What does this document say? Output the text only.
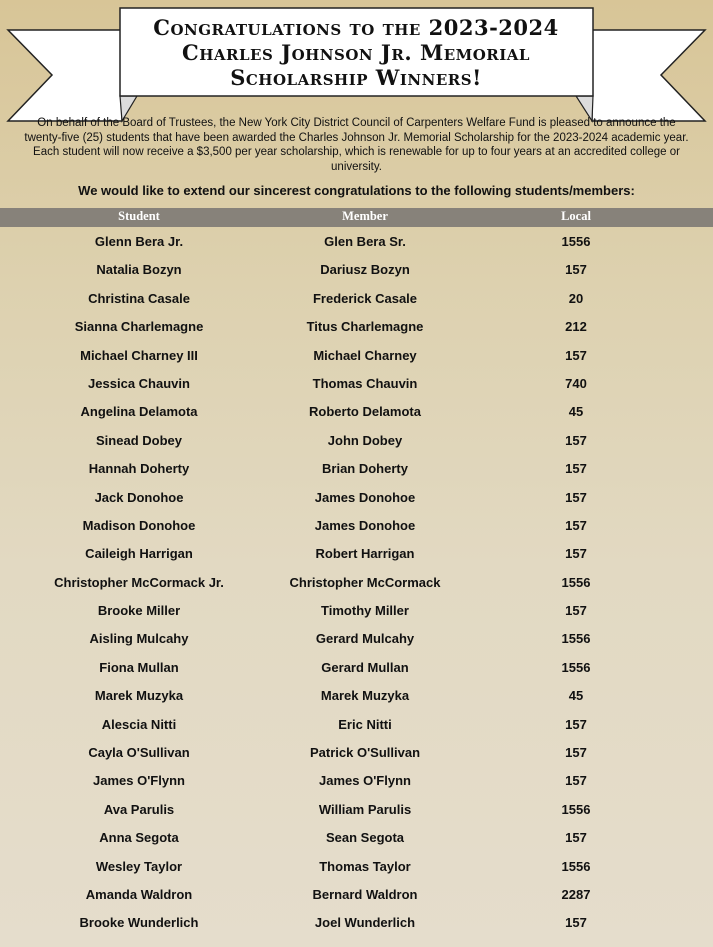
Congratulations to the 2023-2024
Charles Johnson Jr. Memorial
Scholarship Winners!
On behalf of the Board of Trustees, the New York City District Council of Carpenters Welfare Fund is pleased to announce the twenty-five (25) students that have been awarded the Charles Johnson Jr. Memorial Scholarship for the 2023-2024 academic year. Each student will now receive a $3,500 per year scholarship, which is renewable for up to four years at an accredited college or university.
We would like to extend our sincerest congratulations to the following students/members:
Student	Member	Local
Glenn Bera Jr.	Glen Bera Sr.	1556
Natalia Bozyn	Dariusz Bozyn	157
Christina Casale	Frederick Casale	20
Sianna Charlemagne	Titus Charlemagne	212
Michael Charney III	Michael Charney	157
Jessica Chauvin	Thomas Chauvin	740
Angelina Delamota	Roberto Delamota	45
Sinead Dobey	John Dobey	157
Hannah Doherty	Brian Doherty	157
Jack Donohoe	James Donohoe	157
Madison Donohoe	James Donohoe	157
Caileigh Harrigan	Robert Harrigan	157
Christopher McCormack Jr.	Christopher McCormack	1556
Brooke Miller	Timothy Miller	157
Aisling Mulcahy	Gerard Mulcahy	1556
Fiona Mullan	Gerard Mullan	1556
Marek Muzyka	Marek Muzyka	45
Alescia Nitti	Eric Nitti	157
Cayla O'Sullivan	Patrick O'Sullivan	157
James O'Flynn	James O'Flynn	157
Ava Parulis	William Parulis	1556
Anna Segota	Sean Segota	157
Wesley Taylor	Thomas Taylor	1556
Amanda Waldron	Bernard Waldron	2287
Brooke Wunderlich	Joel Wunderlich	157
